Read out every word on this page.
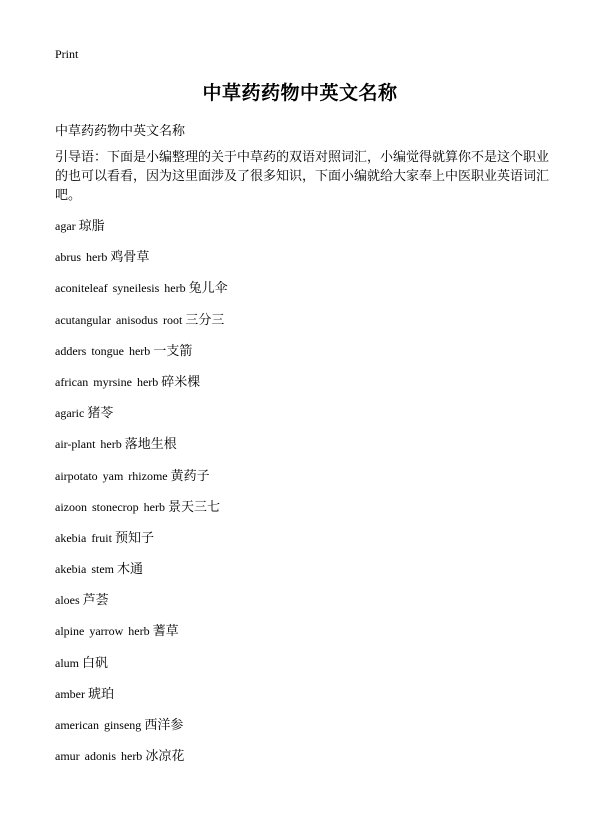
Print
中草药药物中英文名称
中草药药物中英文名称

引导语：下面是小编整理的关于中草药的双语对照词汇，小编觉得就算你不是这个职业的也可以看看，因为这里面涉及了很多知识，下面小编就给大家奉上中医职业英语词汇吧。

agar 琼脂
abrus herb 鸡骨草
aconiteleaf syneilesis herb 兔儿伞
acutangular anisodus root 三分三
adders tongue herb 一支箭
african myrsine herb 碎米棵
agaric 猪苓
air-plant herb 落地生根
airpotato yam rhizome 黄药子
aizoon stonecrop herb 景天三七
akebia fruit 预知子
akebia stem 木通
aloes 芦荟
alpine yarrow herb 蓍草
alum 白矾
amber 琥珀
american ginseng 西洋参
amur adonis herb 冰凉花
